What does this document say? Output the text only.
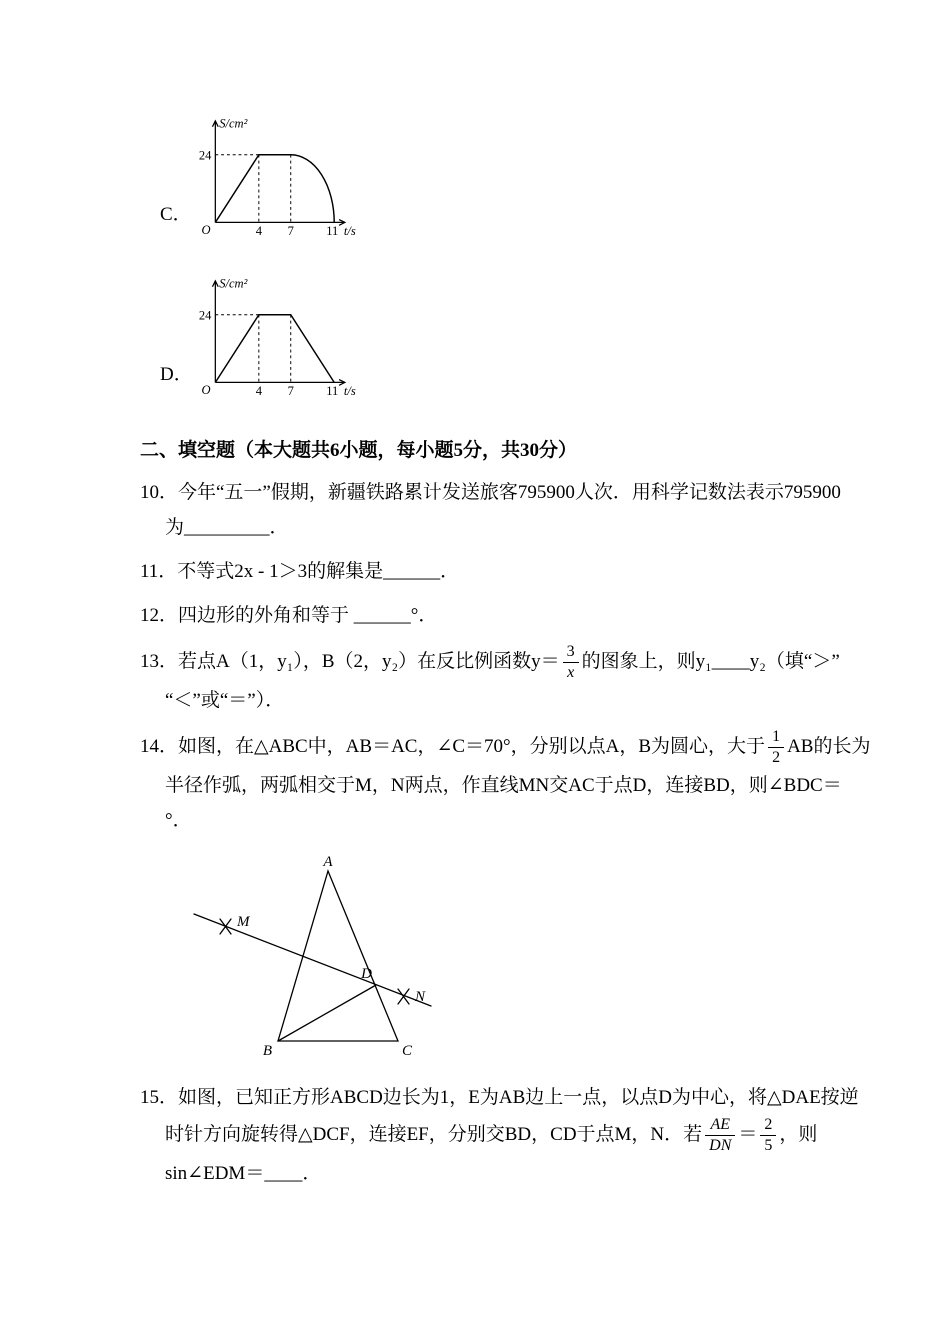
C．
S/cm²
24
O	4 7 11 t/s
D．
S/cm²
24
O	4 7 11 t/s
二、填空题（本大题共6小题，每小题5分，共30分）
10．今年“五一”假期，新疆铁路累计发送旅客795900人次．用科学记数法表示795900
为_________．
11．不等式2x - 1＞3的解集是______．
12．四边形的外角和等于 ______°．
13．若点A（1，y₁），B（2，y₂）在反比例函数$y= \frac{3}{x}$ 的图象上，则y₁____y₂（填“＞”
“＜”或“＝”）．
14．如图，在△ABC中，AB＝AC，∠C＝70°，分别以点A，B为圆心，大于 $\frac{1}{2}$ AB的长为
半径作弧，两弧相交于M，N两点，作直线MN交AC于点D，连接BD，则∠BDC＝
°．
A
B	C
D
M
N
15．如图，已知正方形ABCD边长为1，E为AB边上一点，以点D为中心，将△DAE按逆
时针方向旋转得△DCF，连接EF，分别交BD，CD于点M，N．若 $\frac{AE}{DN} = \frac{2}{5}$ ，则
sin∠EDM＝____．
